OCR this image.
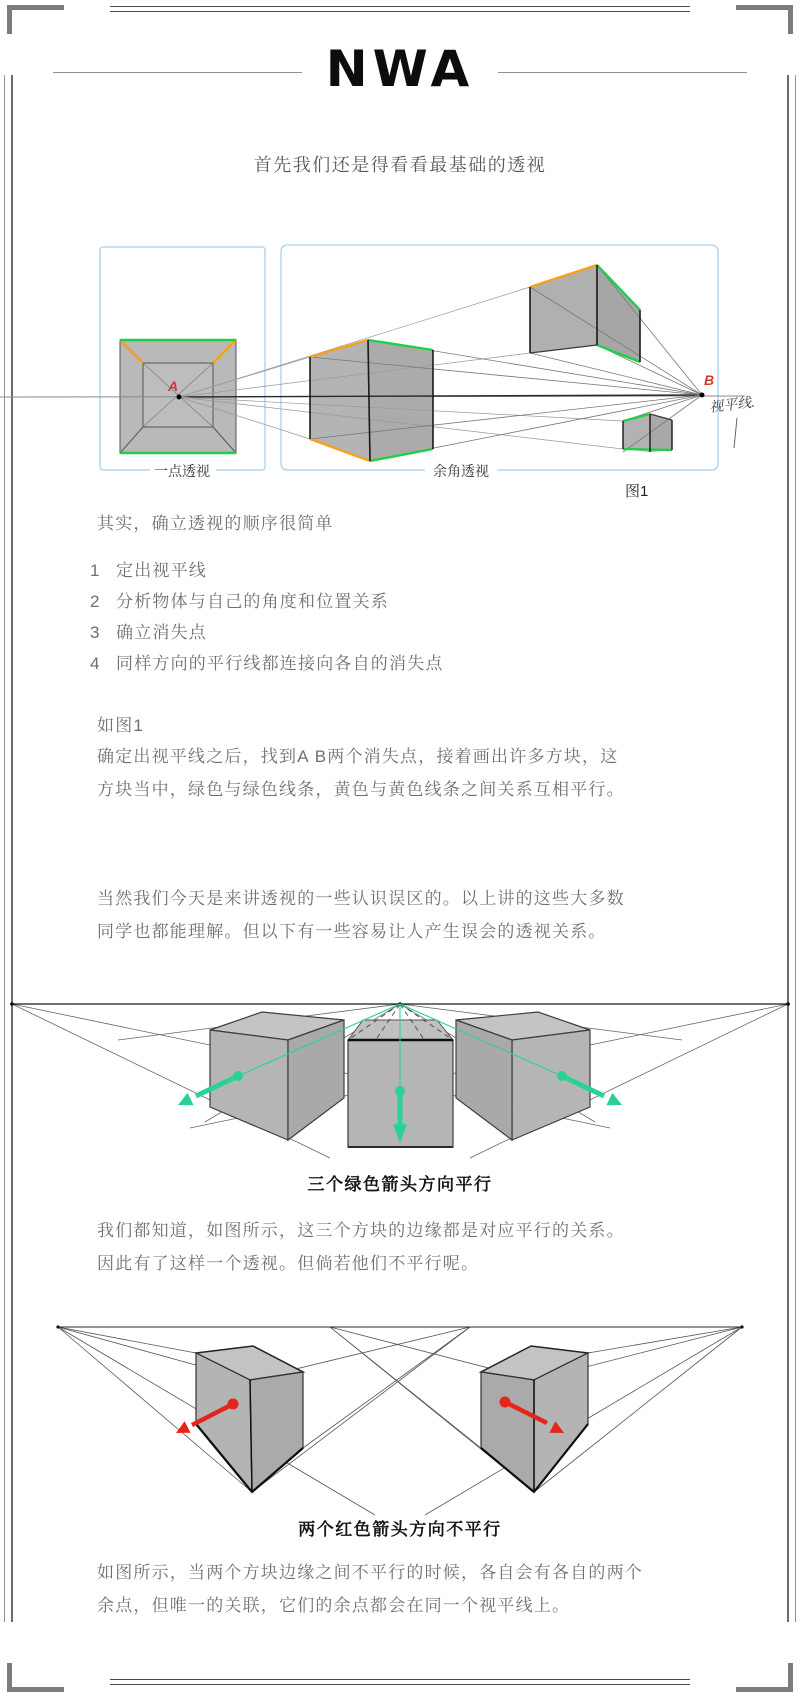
NWA
首先我们还是得看看最基础的透视
A	B
视平线.
一点透视	余角透视
图1
其实，确立透视的顺序很简单
1 定出视平线
2 分析物体与自己的角度和位置关系
3 确立消失点
4 同样方向的平行线都连接向各自的消失点
如图1
确定出视平线之后，找到A B两个消失点，接着画出许多方块，这
方块当中，绿色与绿色线条，黄色与黄色线条之间关系互相平行。
当然我们今天是来讲透视的一些认识误区的。以上讲的这些大多数
同学也都能理解。但以下有一些容易让人产生误会的透视关系。
三个绿色箭头方向平行
我们都知道，如图所示，这三个方块的边缘都是对应平行的关系。
因此有了这样一个透视。但倘若他们不平行呢。
两个红色箭头方向不平行
如图所示，当两个方块边缘之间不平行的时候，各自会有各自的两个
余点，但唯一的关联，它们的余点都会在同一个视平线上。
